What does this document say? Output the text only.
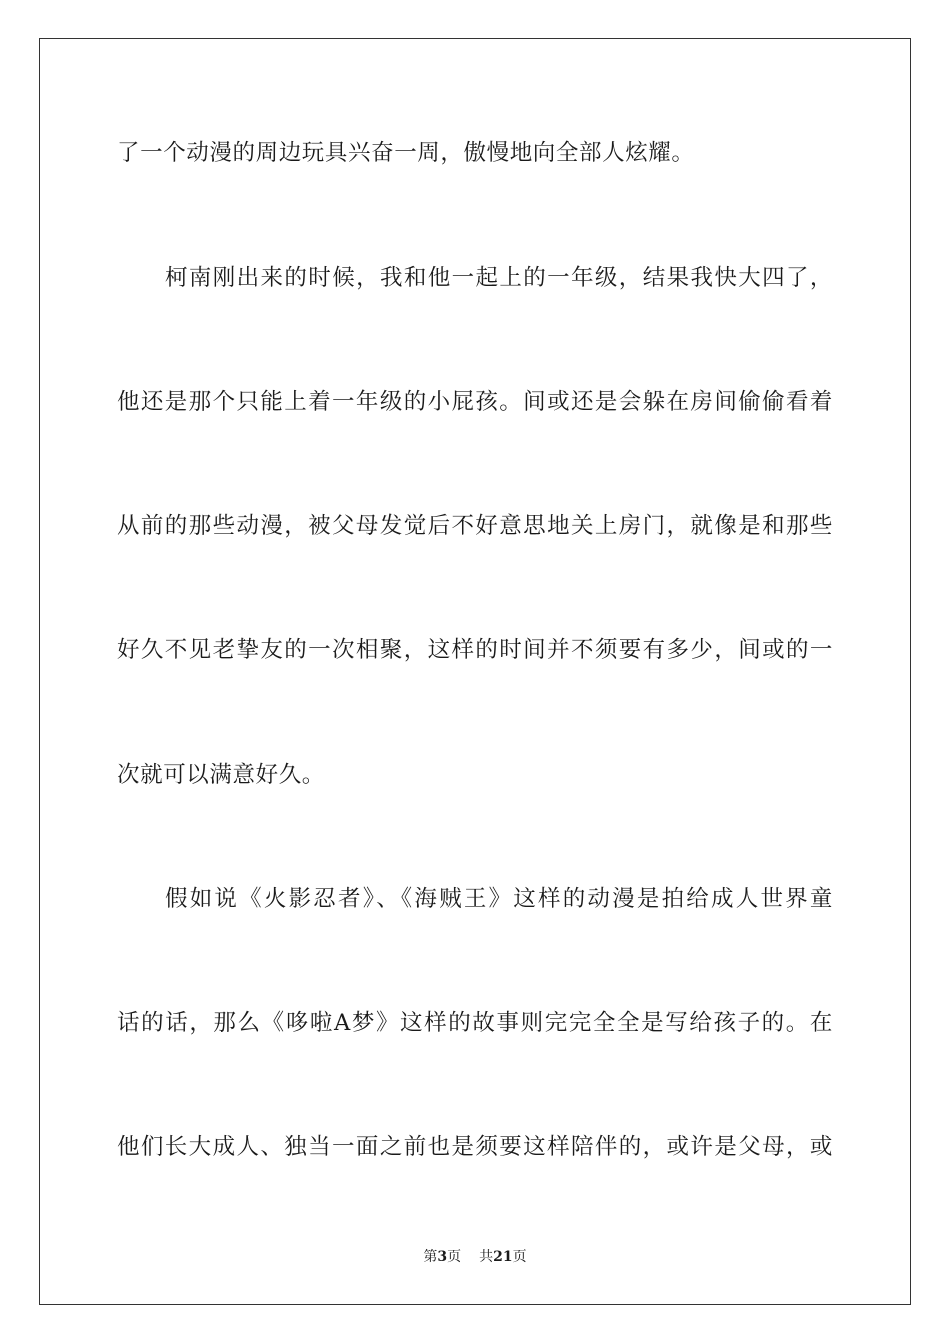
了一个动漫的周边玩具兴奋一周，傲慢地向全部人炫耀。
柯南刚出来的时候，我和他一起上的一年级，结果我快大四了，
他还是那个只能上着一年级的小屁孩。间或还是会躲在房间偷偷看着
从前的那些动漫，被父母发觉后不好意思地关上房门，就像是和那些
好久不见老挚友的一次相聚，这样的时间并不须要有多少，间或的一
次就可以满意好久。
假如说《火影忍者》、《海贼王》这样的动漫是拍给成人世界童
话的话，那么《哆啦A梦》这样的故事则完完全全是写给孩子的。在
他们长大成人、独当一面之前也是须要这样陪伴的，或许是父母，或
第3页 共21页
